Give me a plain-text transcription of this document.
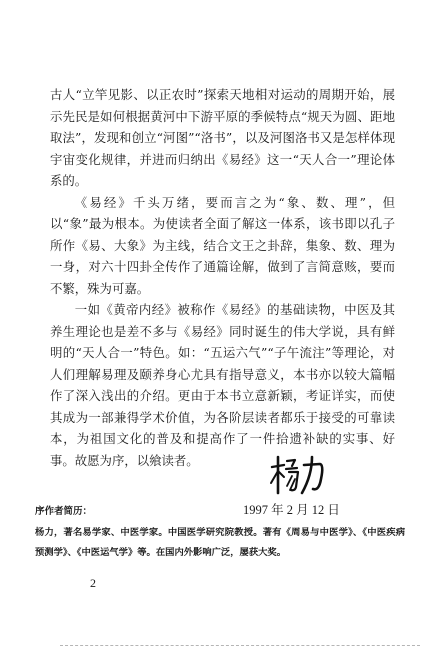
古人“立竿见影、以正农时”探索天地相对运动的周期开始，展示先民是如何根据黄河中下游平原的季候特点“规天为圆、距地取法”，发现和创立“河图”“洛书”，以及河图洛书又是怎样体现宇宙变化规律，并进而归纳出《易经》这一“天人合一”理论体系的。

《易经》千头万绪，要而言之为“象、数、理”，但以“象”最为根本。为使读者全面了解这一体系，该书即以孔子所作《易、大象》为主线，结合文王之卦辞，集象、数、理为一身，对六十四卦全传作了通篇诠解，做到了言简意赅，要而不繁，殊为可嘉。

一如《黄帝内经》被称作《易经》的基础读物，中医及其养生理论也是差不多与《易经》同时诞生的伟大学说，具有鲜明的“天人合一”特色。如：“五运六气”“子午流注”等理论，对人们理解易理及颐养身心尤具有指导意义，本书亦以较大篇幅作了深入浅出的介绍。更由于本书立意新颖，考证详实，而使其成为一部兼得学术价值，为各阶层读者都乐于接受的可靠读本，为祖国文化的普及和提高作了一件拾遗补缺的实事、好事。故愿为序，以飨读者。

序作者简历：	1997 年 2 月 12 日

杨力，著名易学家、中医学家。中国医学研究院教授。著有《周易与中医学》、《中医疾病预测学》、《中医运气学》等。在国内外影响广泛，屡获大奖。

2
